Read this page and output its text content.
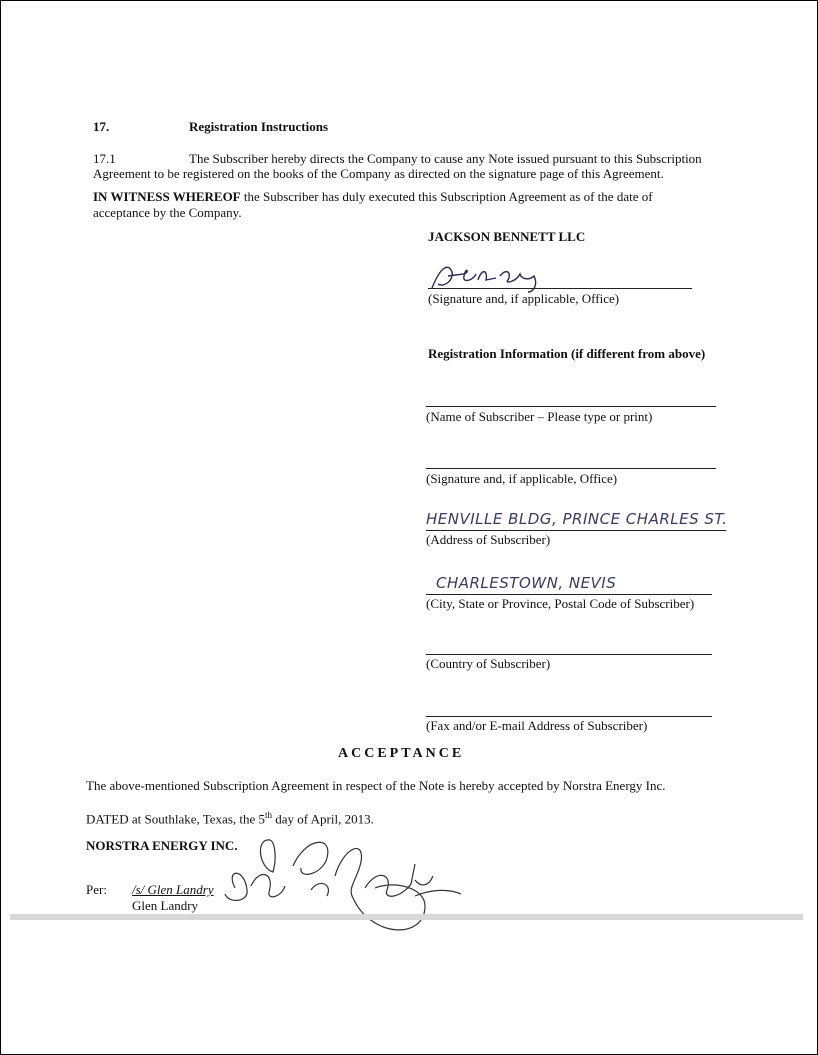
17.	Registration Instructions
17.1	The Subscriber hereby directs the Company to cause any Note issued pursuant to this Subscription
Agreement to be registered on the books of the Company as directed on the signature page of this Agreement.
IN WITNESS WHEREOF the Subscriber has duly executed this Subscription Agreement as of the date of
acceptance by the Company.
JACKSON BENNETT LLC
(Signature and, if applicable, Office)
Registration Information (if different from above)
(Name of Subscriber – Please type or print)
(Signature and, if applicable, Office)
HENVILLE BLDG, PRINCE CHARLES ST.
(Address of Subscriber)
CHARLESTOWN, NEVIS
(City, State or Province, Postal Code of Subscriber)
(Country of Subscriber)
(Fax and/or E-mail Address of Subscriber)
ACCEPTANCE
The above-mentioned Subscription Agreement in respect of the Note is hereby accepted by Norstra Energy Inc.
DATED at Southlake, Texas, the 5th day of April, 2013.
NORSTRA ENERGY INC.
Per: /s/ Glen Landry
Glen Landry
